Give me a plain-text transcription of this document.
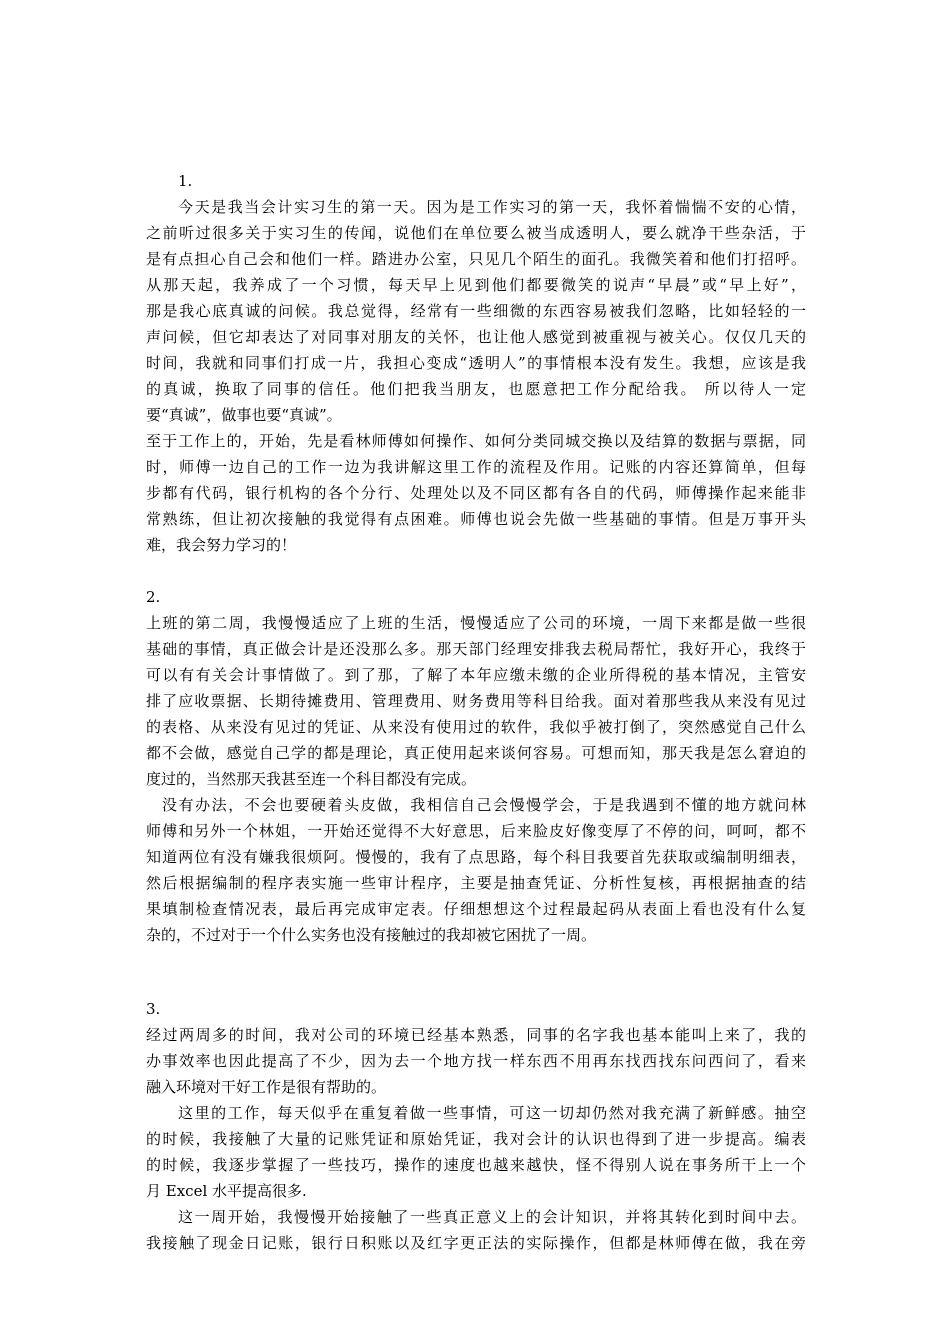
1.
今天是我当会计实习生的第一天。因为是工作实习的第一天，我怀着惴惴不安的心情，
之前听过很多关于实习生的传闻，说他们在单位要么被当成透明人，要么就净干些杂活，于
是有点担心自己会和他们一样。踏进办公室，只见几个陌生的面孔。我微笑着和他们打招呼。
从那天起，我养成了一个习惯，每天早上见到他们都要微笑的说声“早晨”或“早上好”，
那是我心底真诚的问候。我总觉得，经常有一些细微的东西容易被我们忽略，比如轻轻的一
声问候，但它却表达了对同事对朋友的关怀，也让他人感觉到被重视与被关心。仅仅几天的
时间，我就和同事们打成一片，我担心变成“透明人”的事情根本没有发生。我想，应该是我
的真诚，换取了同事的信任。他们把我当朋友，也愿意把工作分配给我。 所以待人一定
要“真诚”，做事也要“真诚”。
至于工作上的，开始，先是看林师傅如何操作、如何分类同城交换以及结算的数据与票据，同
时，师傅一边自己的工作一边为我讲解这里工作的流程及作用。记账的内容还算简单，但每
步都有代码，银行机构的各个分行、处理处以及不同区都有各自的代码，师傅操作起来能非
常熟练，但让初次接触的我觉得有点困难。师傅也说会先做一些基础的事情。但是万事开头
难，我会努力学习的！
2.
上班的第二周，我慢慢适应了上班的生活，慢慢适应了公司的环境，一周下来都是做一些很
基础的事情，真正做会计是还没那么多。那天部门经理安排我去税局帮忙，我好开心，我终于
可以有有关会计事情做了。到了那，了解了本年应缴未缴的企业所得税的基本情况，主管安
排了应收票据、长期待摊费用、管理费用、财务费用等科目给我。面对着那些我从来没有见过
的表格、从来没有见过的凭证、从来没有使用过的软件，我似乎被打倒了，突然感觉自己什么
都不会做，感觉自己学的都是理论，真正使用起来谈何容易。可想而知，那天我是怎么窘迫的
度过的，当然那天我甚至连一个科目都没有完成。
没有办法，不会也要硬着头皮做，我相信自己会慢慢学会，于是我遇到不懂的地方就问林
师傅和另外一个林姐，一开始还觉得不大好意思，后来脸皮好像变厚了不停的问，呵呵，都不
知道两位有没有嫌我很烦阿。慢慢的，我有了点思路，每个科目我要首先获取或编制明细表，
然后根据编制的程序表实施一些审计程序，主要是抽查凭证、分析性复核，再根据抽查的结
果填制检查情况表，最后再完成审定表。仔细想想这个过程最起码从表面上看也没有什么复
杂的，不过对于一个什么实务也没有接触过的我却被它困扰了一周。
3.
经过两周多的时间，我对公司的环境已经基本熟悉，同事的名字我也基本能叫上来了，我的
办事效率也因此提高了不少，因为去一个地方找一样东西不用再东找西找东问西问了，看来
融入环境对干好工作是很有帮助的。
这里的工作，每天似乎在重复着做一些事情，可这一切却仍然对我充满了新鲜感。抽空
的时候，我接触了大量的记账凭证和原始凭证，我对会计的认识也得到了进一步提高。编表
的时候，我逐步掌握了一些技巧，操作的速度也越来越快，怪不得别人说在事务所干上一个
月 Excel 水平提高很多.
这一周开始，我慢慢开始接触了一些真正意义上的会计知识，并将其转化到时间中去。
我接触了现金日记账，银行日积账以及红字更正法的实际操作，但都是林师傅在做，我在旁
